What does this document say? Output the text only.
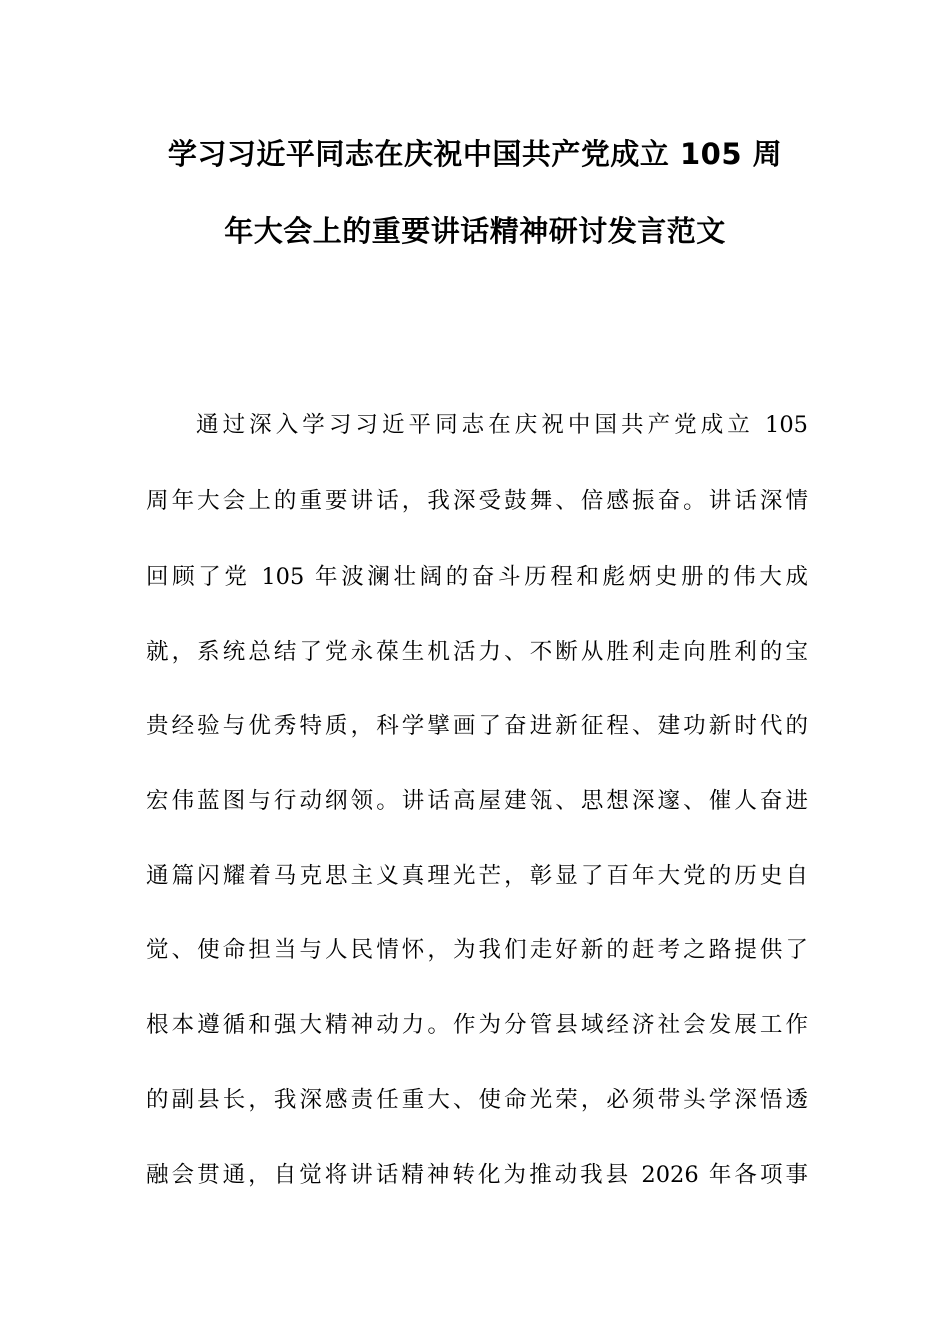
学习习近平同志在庆祝中国共产党成立 105 周
年大会上的重要讲话精神研讨发言范文
通过深入学习习近平同志在庆祝中国共产党成立 105
周年大会上的重要讲话，我深受鼓舞、倍感振奋。讲话深情
回顾了党 105 年波澜壮阔的奋斗历程和彪炳史册的伟大成
就，系统总结了党永葆生机活力、不断从胜利走向胜利的宝
贵经验与优秀特质，科学擘画了奋进新征程、建功新时代的
宏伟蓝图与行动纲领。讲话高屋建瓴、思想深邃、催人奋进
通篇闪耀着马克思主义真理光芒，彰显了百年大党的历史自
觉、使命担当与人民情怀，为我们走好新的赶考之路提供了
根本遵循和强大精神动力。作为分管县域经济社会发展工作
的副县长，我深感责任重大、使命光荣，必须带头学深悟透
融会贯通，自觉将讲话精神转化为推动我县 2026 年各项事
